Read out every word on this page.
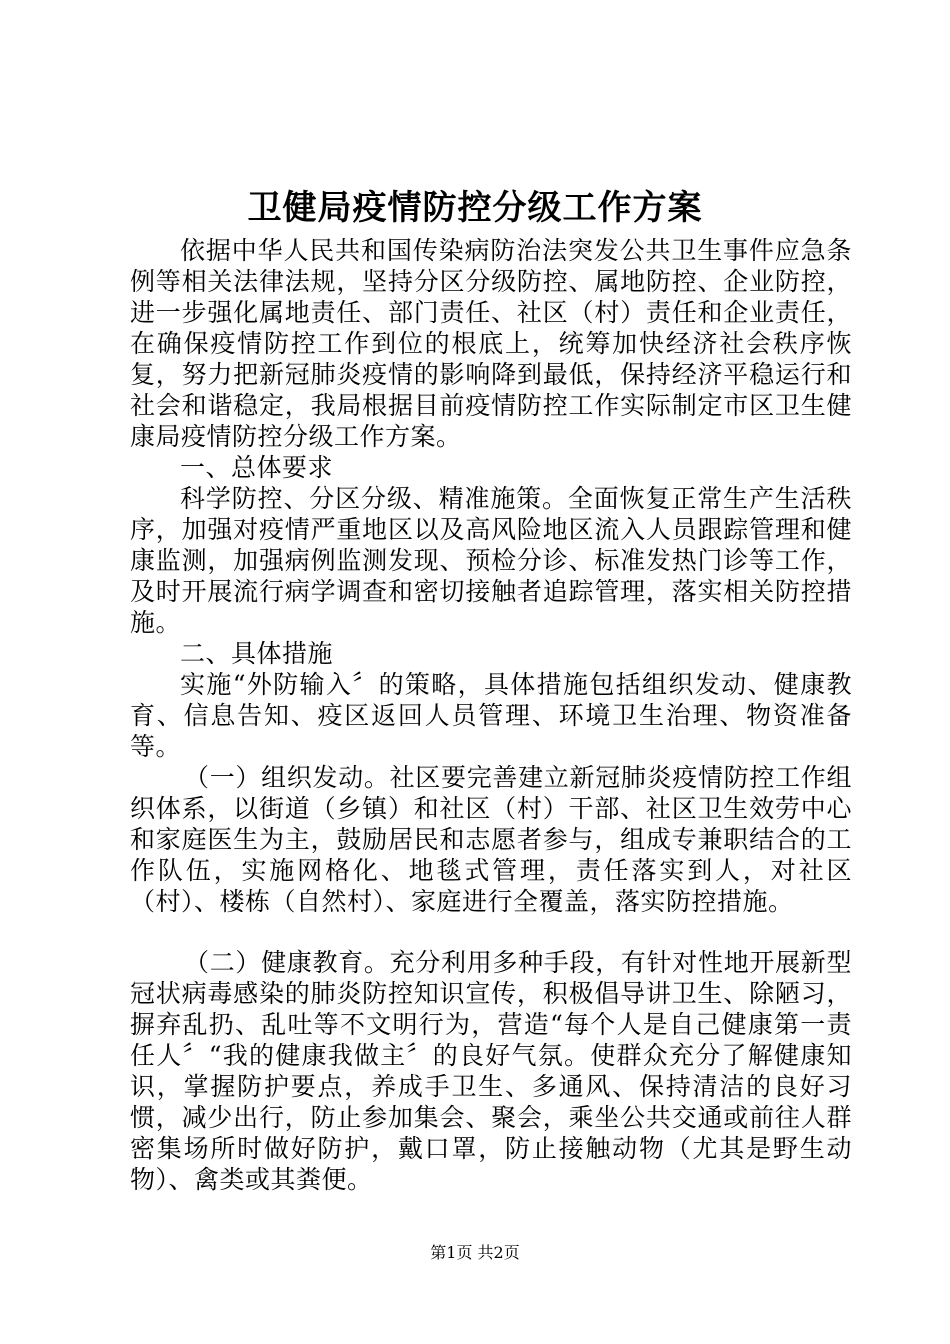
卫健局疫情防控分级工作方案

依据中华人民共和国传染病防治法突发公共卫生事件应急条例等相关法律法规，坚持分区分级防控、属地防控、企业防控，进一步强化属地责任、部门责任、社区（村）责任和企业责任，在确保疫情防控工作到位的根底上，统筹加快经济社会秩序恢复，努力把新冠肺炎疫情的影响降到最低，保持经济平稳运行和社会和谐稳定，我局根据目前疫情防控工作实际制定市区卫生健康局疫情防控分级工作方案。

一、总体要求

科学防控、分区分级、精准施策。全面恢复正常生产生活秩序，加强对疫情严重地区以及高风险地区流入人员跟踪管理和健康监测，加强病例监测发现、预检分诊、标准发热门诊等工作，及时开展流行病学调查和密切接触者追踪管理，落实相关防控措施。

二、具体措施

实施“外防输入〞的策略，具体措施包括组织发动、健康教育、信息告知、疫区返回人员管理、环境卫生治理、物资准备等。

（一）组织发动。社区要完善建立新冠肺炎疫情防控工作组织体系，以街道（乡镇）和社区（村）干部、社区卫生效劳中心和家庭医生为主，鼓励居民和志愿者参与，组成专兼职结合的工作队伍，实施网格化、地毯式管理，责任落实到人，对社区（村）、楼栋（自然村）、家庭进行全覆盖，落实防控措施。

（二）健康教育。充分利用多种手段，有针对性地开展新型冠状病毒感染的肺炎防控知识宣传，积极倡导讲卫生、除陋习，摒弃乱扔、乱吐等不文明行为，营造“每个人是自己健康第一责任人〞“我的健康我做主〞的良好气氛。使群众充分了解健康知识，掌握防护要点，养成手卫生、多通风、保持清洁的良好习惯，减少出行，防止参加集会、聚会，乘坐公共交通或前往人群密集场所时做好防护，戴口罩，防止接触动物（尤其是野生动物）、禽类或其粪便。

第1页 共2页
